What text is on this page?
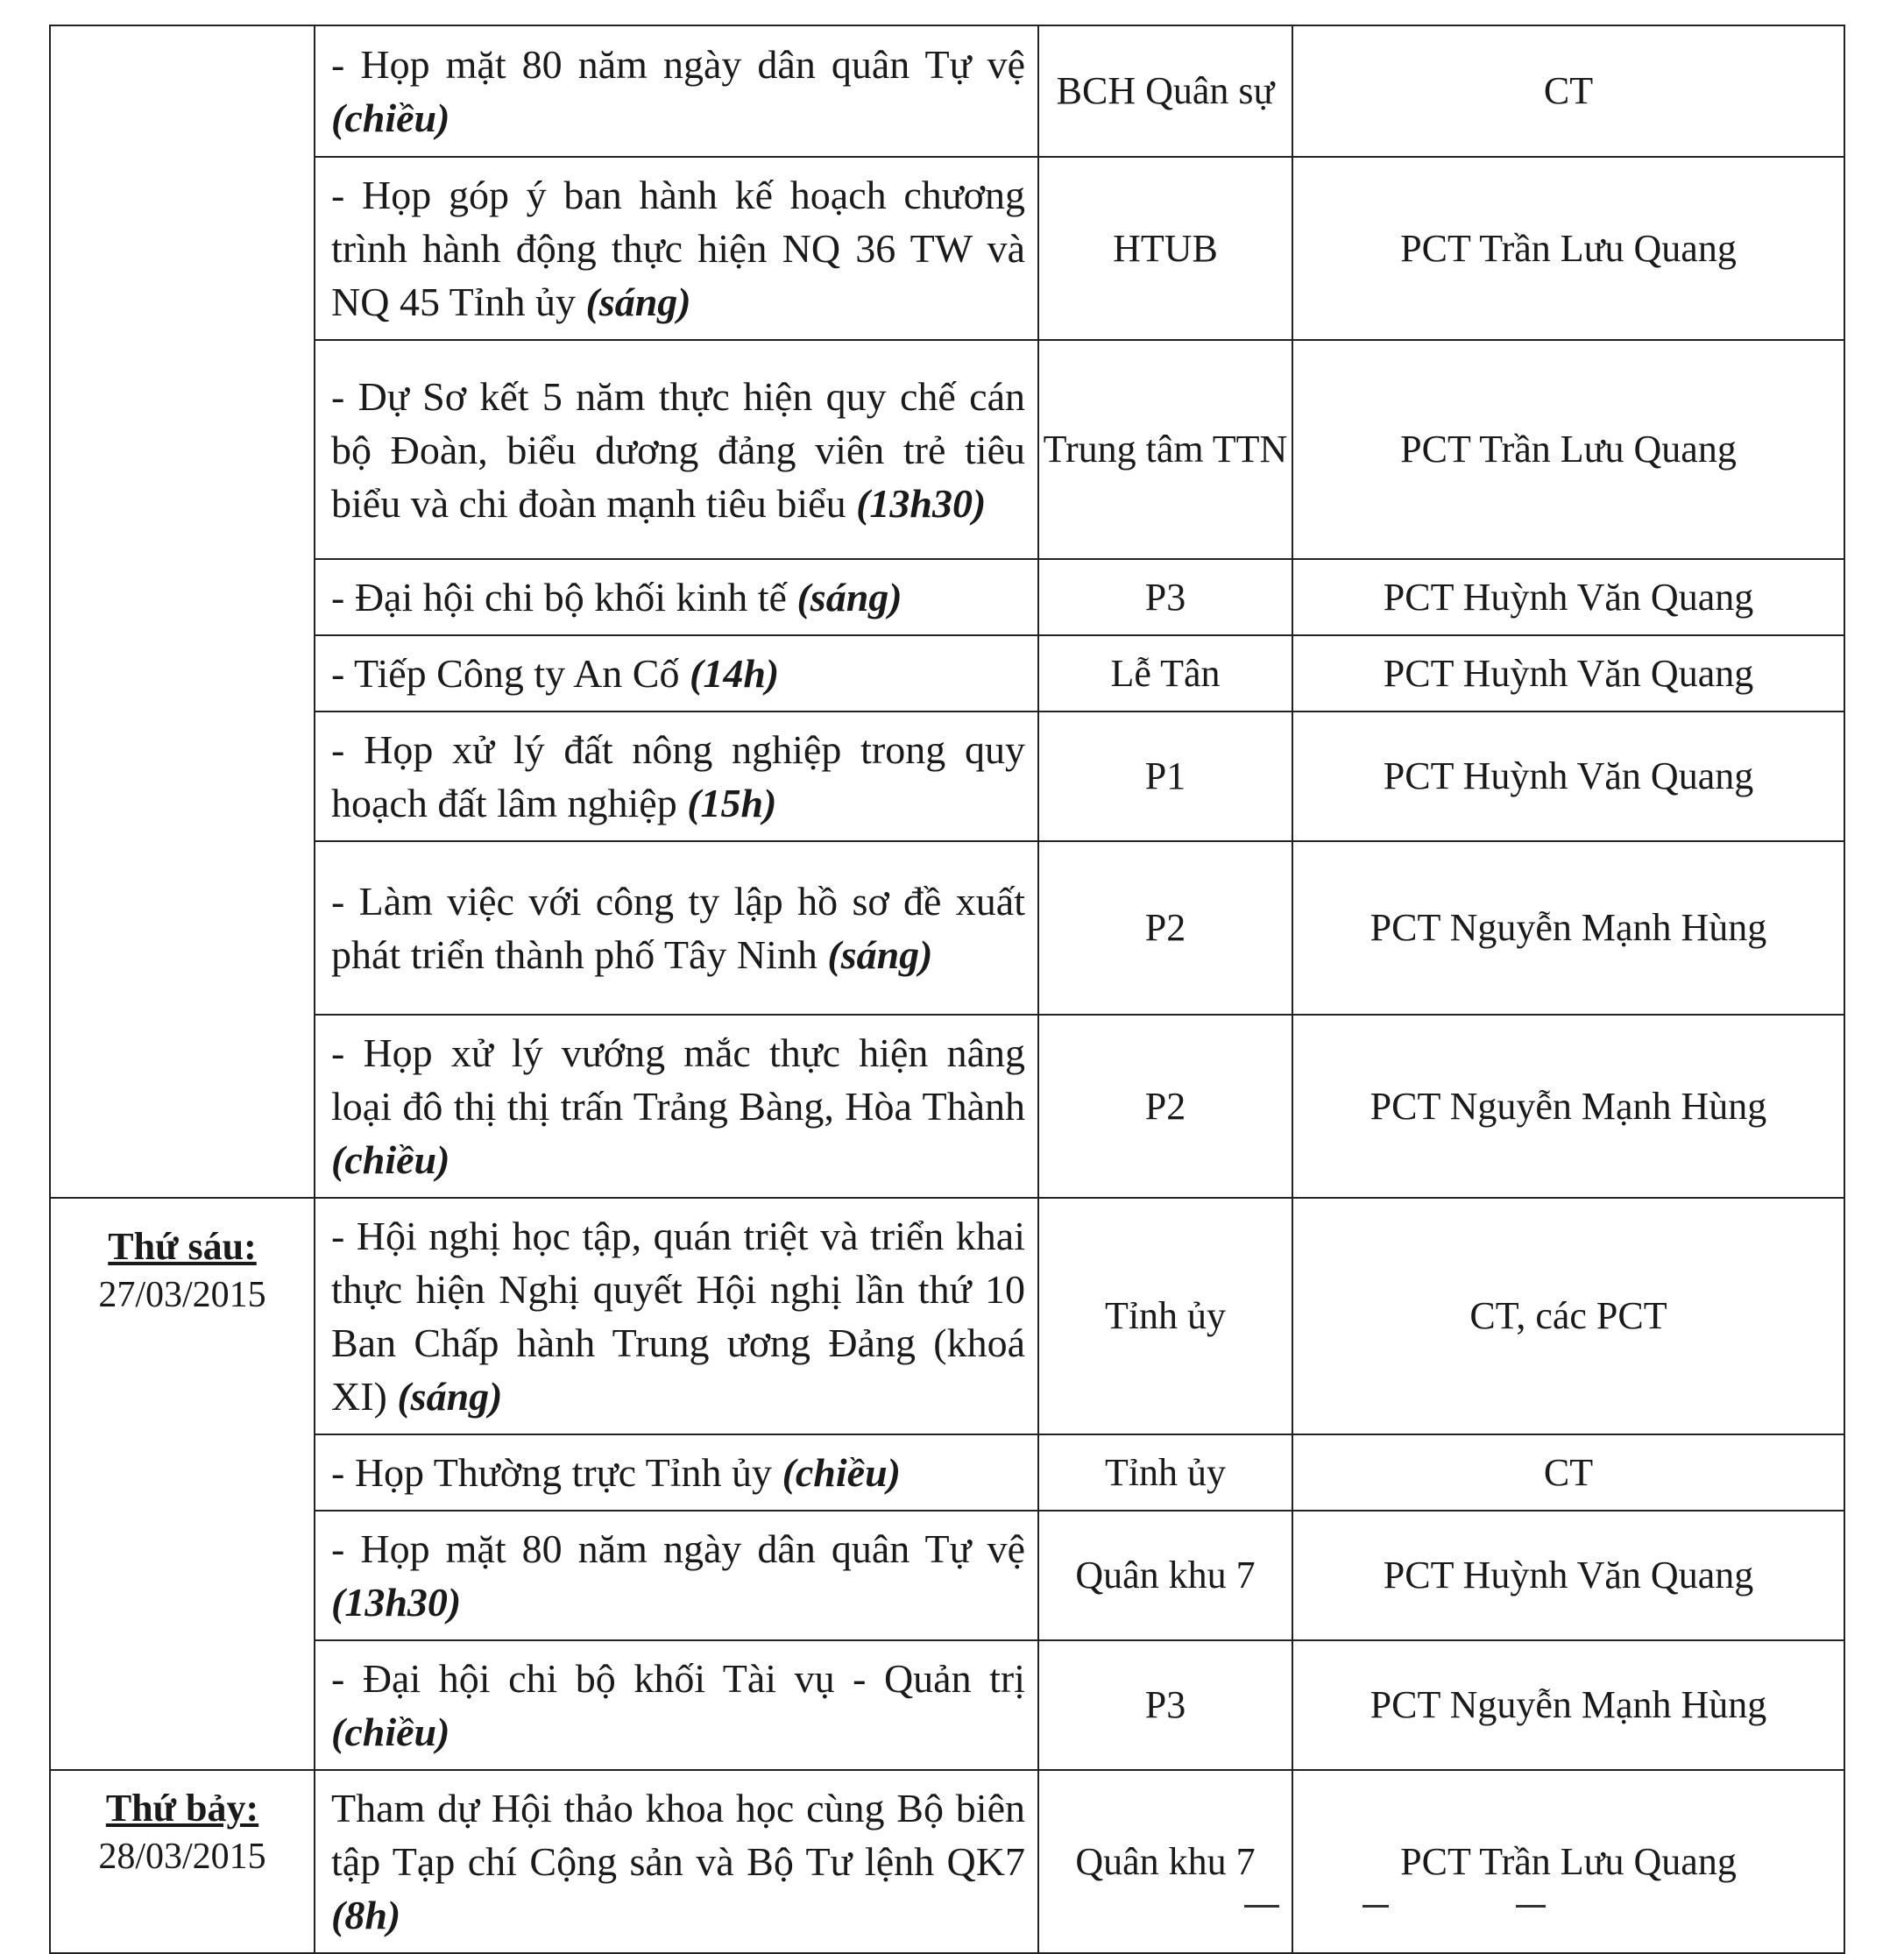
	- Họp mặt 80 năm ngày dân quân Tự vệ (chiều)	BCH Quân sự	CT

	- Họp góp ý ban hành kế hoạch chương trình hành động thực hiện NQ 36 TW và NQ 45 Tỉnh ủy (sáng)	HTUB	PCT Trần Lưu Quang

	- Dự Sơ kết 5 năm thực hiện quy chế cán bộ Đoàn, biểu dương đảng viên trẻ tiêu biểu và chi đoàn mạnh tiêu biểu (13h30)	Trung tâm TTN	PCT Trần Lưu Quang

	- Đại hội chi bộ khối kinh tế (sáng)	P3	PCT Huỳnh Văn Quang

	- Tiếp Công ty An Cố (14h)	Lễ Tân	PCT Huỳnh Văn Quang

	- Họp xử lý đất nông nghiệp trong quy hoạch đất lâm nghiệp (15h)	P1	PCT Huỳnh Văn Quang

	- Làm việc với công ty lập hồ sơ đề xuất phát triển thành phố Tây Ninh (sáng)	P2	PCT Nguyễn Mạnh Hùng

	- Họp xử lý vướng mắc thực hiện nâng loại đô thị thị trấn Trảng Bàng, Hòa Thành (chiều)	P2	PCT Nguyễn Mạnh Hùng

Thứ sáu:
27/03/2015	- Hội nghị học tập, quán triệt và triển khai thực hiện Nghị quyết Hội nghị lần thứ 10 Ban Chấp hành Trung ương Đảng (khoá XI) (sáng)	Tỉnh ủy	CT, các PCT

	- Họp Thường trực Tỉnh ủy (chiều)	Tỉnh ủy	CT

	- Họp mặt 80 năm ngày dân quân Tự vệ (13h30)	Quân khu 7	PCT Huỳnh Văn Quang

	- Đại hội chi bộ khối Tài vụ - Quản trị (chiều)	P3	PCT Nguyễn Mạnh Hùng

Thứ bảy:
28/03/2015	Tham dự Hội thảo khoa học cùng Bộ biên tập Tạp chí Cộng sản và Bộ Tư lệnh QK7 (8h)	Quân khu 7	PCT Trần Lưu Quang
